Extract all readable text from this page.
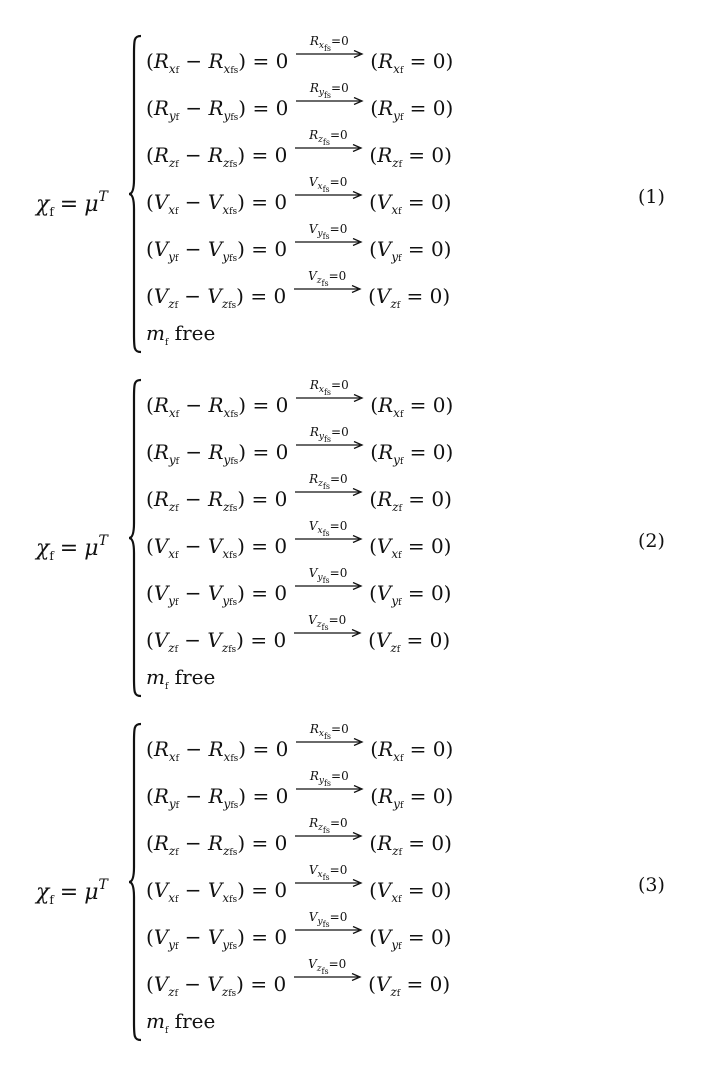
$\chi_f = \mu^T$	(1)
$(R_{xf} - R_{xfs}) = 0$
$R_{xfs}=0$
$(R_{xf} = 0)$
$(R_{yf} - R_{yfs}) = 0$
$R_{yfs}=0$
$(R_{yf} = 0)$
$(R_{zf} - R_{zfs}) = 0$
$R_{zfs}=0$
$(R_{zf} = 0)$
$(V_{xf} - V_{xfs}) = 0$
$V_{xfs}=0$
$(V_{xf} = 0)$
$(V_{yf} - V_{yfs}) = 0$
$V_{yfs}=0$
$(V_{yf} = 0)$
$(V_{zf} - V_{zfs}) = 0$
$V_{zfs}=0$
$(V_{zf} = 0)$
$m_f$ free
$\chi_f = \mu^T$	(2)
$(R_{xf} - R_{xfs}) = 0$
$R_{xfs}=0$
$(R_{xf} = 0)$
$(R_{yf} - R_{yfs}) = 0$
$R_{yfs}=0$
$(R_{yf} = 0)$
$(R_{zf} - R_{zfs}) = 0$
$R_{zfs}=0$
$(R_{zf} = 0)$
$(V_{xf} - V_{xfs}) = 0$
$V_{xfs}=0$
$(V_{xf} = 0)$
$(V_{yf} - V_{yfs}) = 0$
$V_{yfs}=0$
$(V_{yf} = 0)$
$(V_{zf} - V_{zfs}) = 0$
$V_{zfs}=0$
$(V_{zf} = 0)$
$m_f$ free
$\chi_f = \mu^T$	(3)
$(R_{xf} - R_{xfs}) = 0$
$R_{xfs}=0$
$(R_{xf} = 0)$
$(R_{yf} - R_{yfs}) = 0$
$R_{yfs}=0$
$(R_{yf} = 0)$
$(R_{zf} - R_{zfs}) = 0$
$R_{zfs}=0$
$(R_{zf} = 0)$
$(V_{xf} - V_{xfs}) = 0$
$V_{xfs}=0$
$(V_{xf} = 0)$
$(V_{yf} - V_{yfs}) = 0$
$V_{yfs}=0$
$(V_{yf} = 0)$
$(V_{zf} - V_{zfs}) = 0$
$V_{zfs}=0$
$(V_{zf} = 0)$
$m_f$ free
